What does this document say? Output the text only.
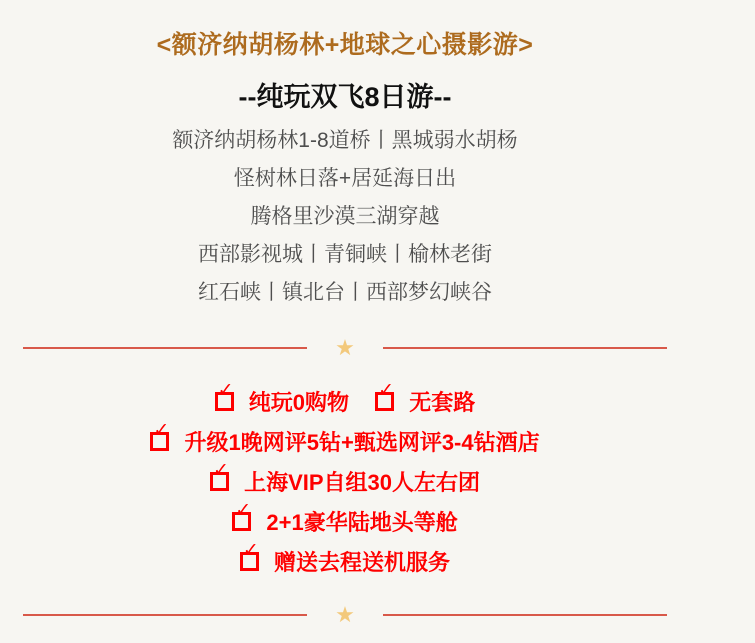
<额济纳胡杨林+地球之心摄影游>
--纯玩双飞8日游--
额济纳胡杨林1-8道桥丨黑城弱水胡杨
怪树林日落+居延海日出
腾格里沙漠三湖穿越
西部影视城丨青铜峡丨榆林老街
红石峡丨镇北台丨西部梦幻峡谷
★
✓ 纯玩0购物 ✓ 无套路
✓ 升级1晚网评5钻+甄选网评3-4钻酒店
✓ 上海VIP自组30人左右团
✓ 2+1豪华陆地头等舱
✓ 赠送去程送机服务
★
